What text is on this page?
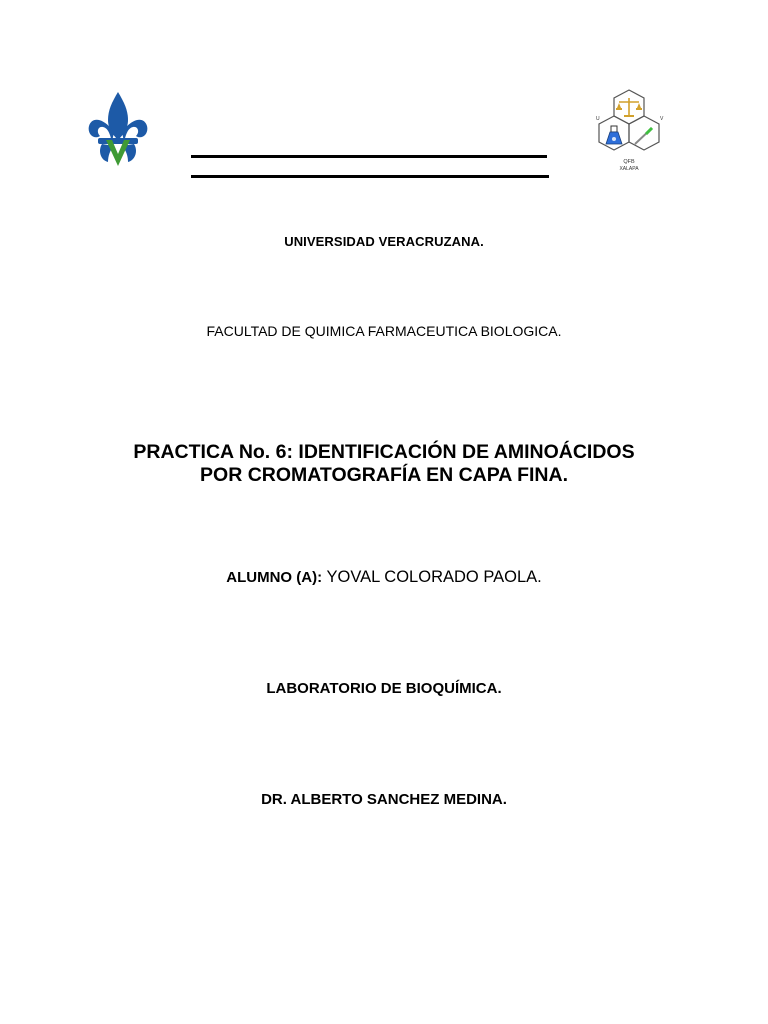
U	V
QFB
XALAPA
UNIVERSIDAD VERACRUZANA.
FACULTAD DE QUIMICA FARMACEUTICA BIOLOGICA.
PRACTICA No. 6: IDENTIFICACIÓN DE AMINOÁCIDOS
POR CROMATOGRAFÍA EN CAPA FINA.
ALUMNO (A): YOVAL COLORADO PAOLA.
LABORATORIO DE BIOQUÍMICA.
DR. ALBERTO SANCHEZ MEDINA.
